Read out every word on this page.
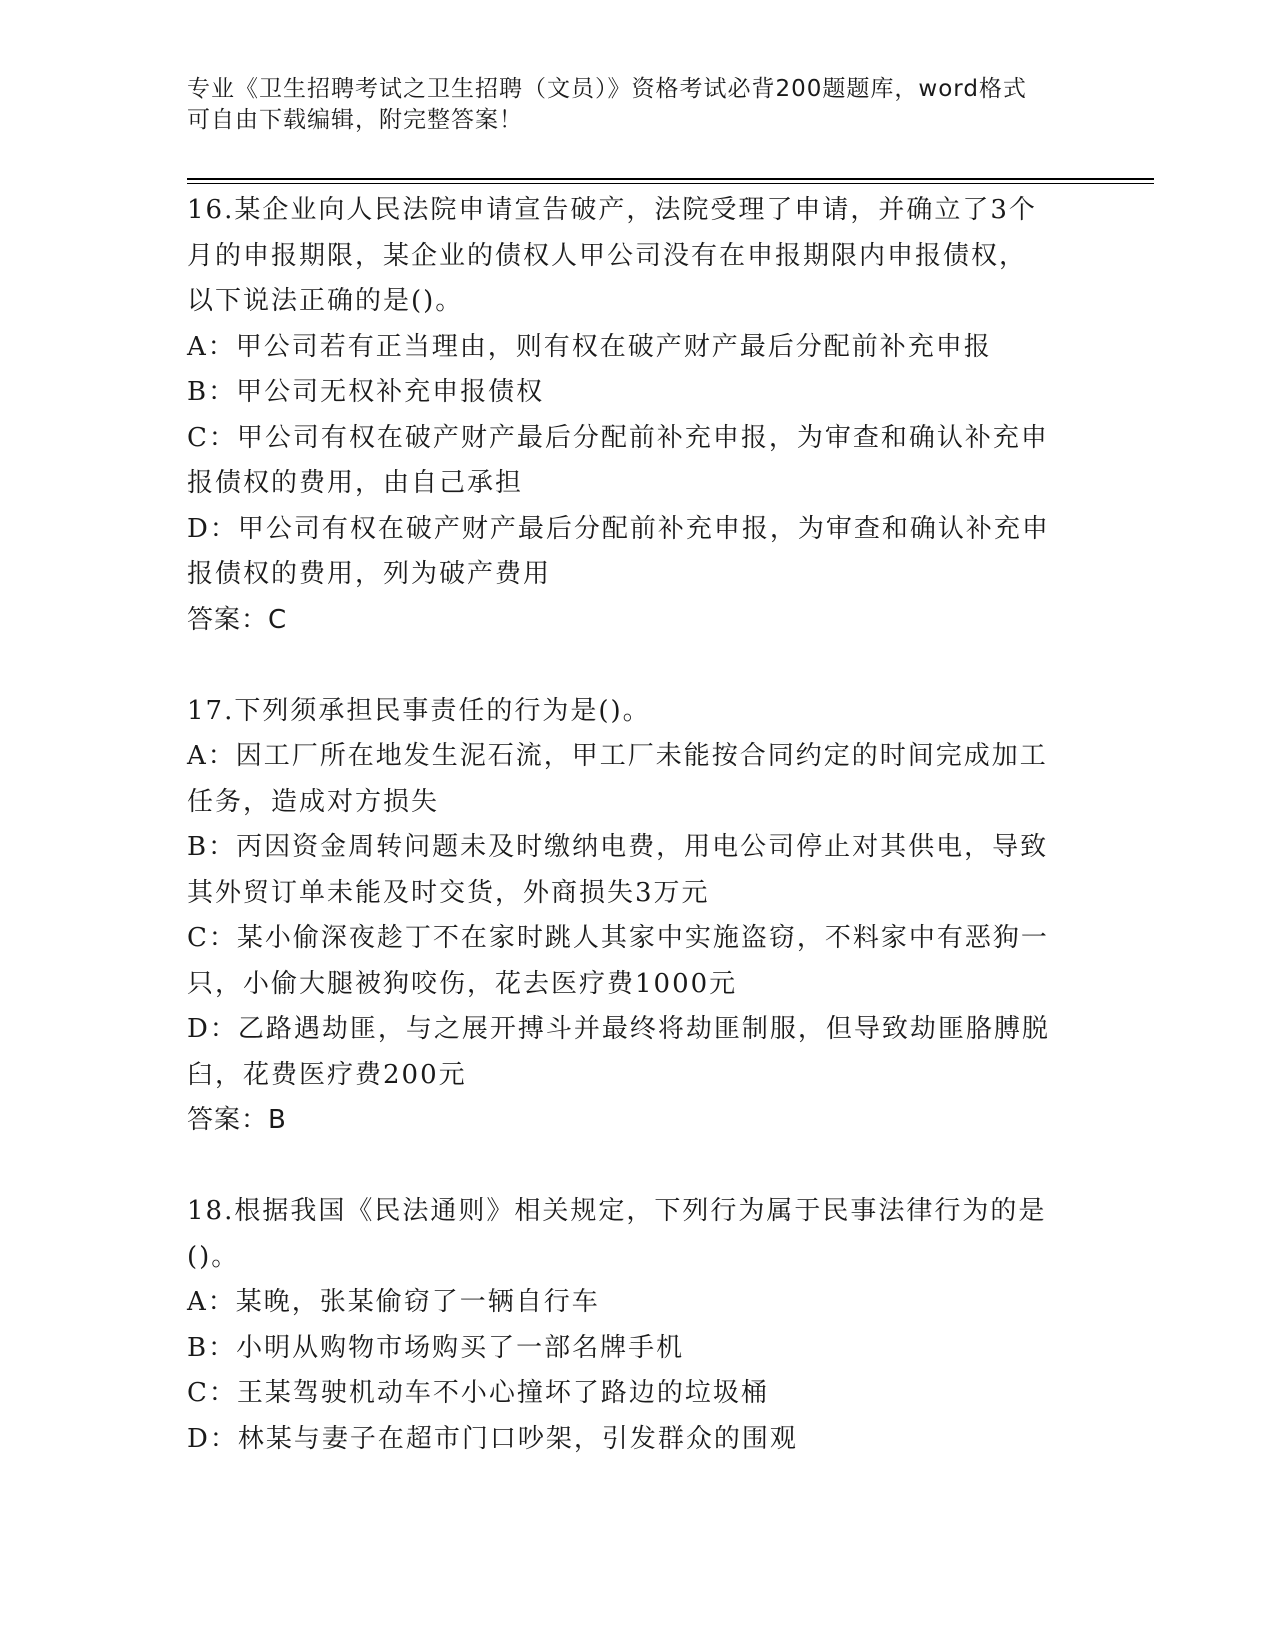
专业《卫生招聘考试之卫生招聘（文员）》资格考试必背200题题库，word格式
可自由下载编辑，附完整答案！
16.某企业向人民法院申请宣告破产，法院受理了申请，并确立了3个
月的申报期限，某企业的债权人甲公司没有在申报期限内申报债权，
以下说法正确的是()。
A：甲公司若有正当理由，则有权在破产财产最后分配前补充申报
B：甲公司无权补充申报债权
C：甲公司有权在破产财产最后分配前补充申报，为审查和确认补充申
报债权的费用，由自己承担
D：甲公司有权在破产财产最后分配前补充申报，为审查和确认补充申
报债权的费用，列为破产费用
答案：C
17.下列须承担民事责任的行为是()。
A：因工厂所在地发生泥石流，甲工厂未能按合同约定的时间完成加工
任务，造成对方损失
B：丙因资金周转问题未及时缴纳电费，用电公司停止对其供电，导致
其外贸订单未能及时交货，外商损失3万元
C：某小偷深夜趁丁不在家时跳人其家中实施盗窃，不料家中有恶狗一
只，小偷大腿被狗咬伤，花去医疗费1000元
D：乙路遇劫匪，与之展开搏斗并最终将劫匪制服，但导致劫匪胳膊脱
臼，花费医疗费200元
答案：B
18.根据我国《民法通则》相关规定，下列行为属于民事法律行为的是
()。
A：某晚，张某偷窃了一辆自行车
B：小明从购物市场购买了一部名牌手机
C：王某驾驶机动车不小心撞坏了路边的垃圾桶
D：林某与妻子在超市门口吵架，引发群众的围观
